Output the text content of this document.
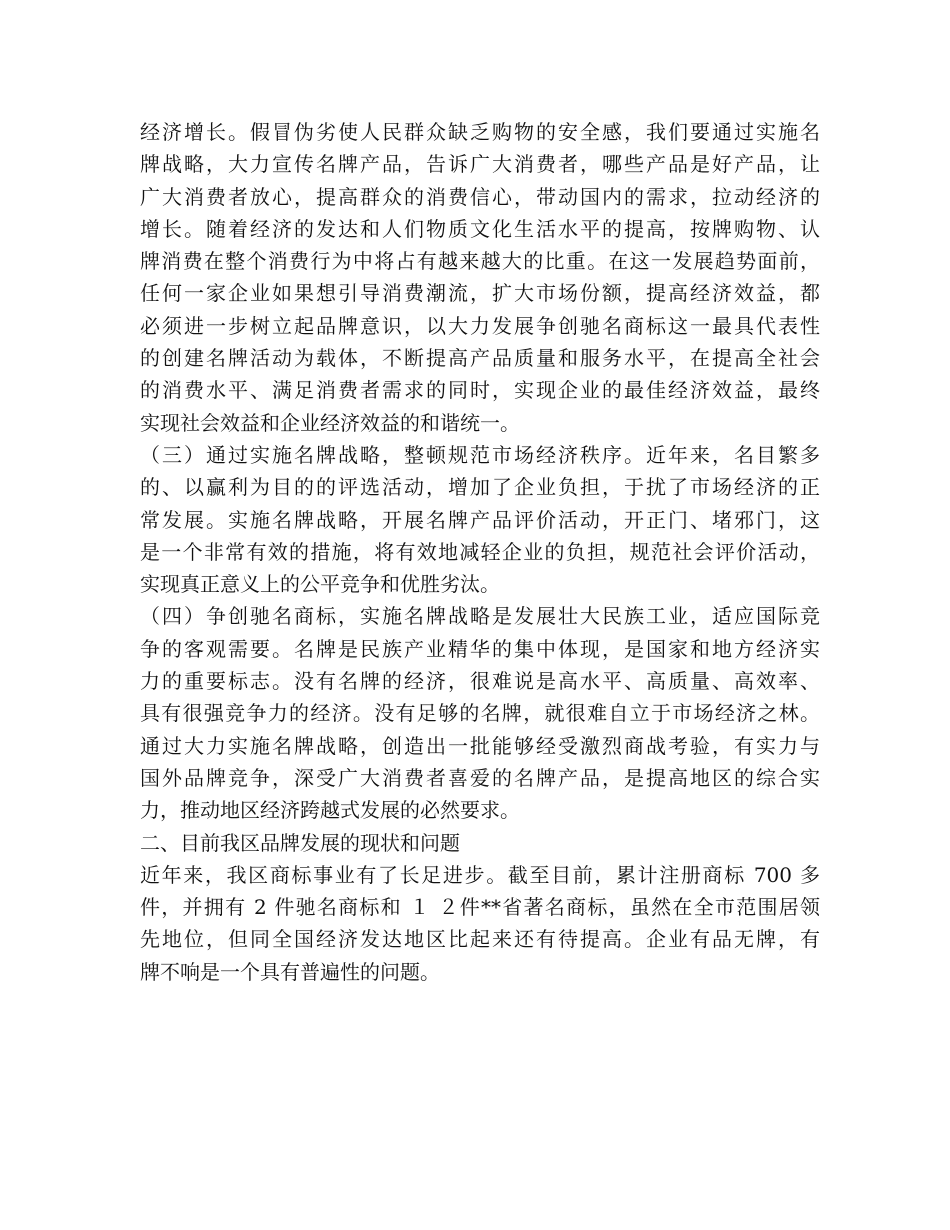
经济增长。假冒伪劣使人民群众缺乏购物的安全感，我们要通过实施名
牌战略，大力宣传名牌产品，告诉广大消费者，哪些产品是好产品，让
广大消费者放心，提高群众的消费信心，带动国内的需求，拉动经济的
增长。随着经济的发达和人们物质文化生活水平的提高，按牌购物、认
牌消费在整个消费行为中将占有越来越大的比重。在这一发展趋势面前，
任何一家企业如果想引导消费潮流，扩大市场份额，提高经济效益，都
必须进一步树立起品牌意识，以大力发展争创驰名商标这一最具代表性
的创建名牌活动为载体，不断提高产品质量和服务水平，在提高全社会
的消费水平、满足消费者需求的同时，实现企业的最佳经济效益，最终
实现社会效益和企业经济效益的和谐统一。
（三）通过实施名牌战略，整顿规范市场经济秩序。近年来，名目繁多
的、以赢利为目的的评选活动，增加了企业负担，于扰了市场经济的正
常发展。实施名牌战略，开展名牌产品评价活动，开正门、堵邪门，这
是一个非常有效的措施，将有效地减轻企业的负担，规范社会评价活动，
实现真正意义上的公平竞争和优胜劣汰。
（四）争创驰名商标，实施名牌战略是发展壮大民族工业，适应国际竞
争的客观需要。名牌是民族产业精华的集中体现，是国家和地方经济实
力的重要标志。没有名牌的经济，很难说是高水平、高质量、高效率、
具有很强竞争力的经济。没有足够的名牌，就很难自立于市场经济之林。
通过大力实施名牌战略，创造出一批能够经受激烈商战考验，有实力与
国外品牌竞争，深受广大消费者喜爱的名牌产品，是提高地区的综合实
力，推动地区经济跨越式发展的必然要求。
二、目前我区品牌发展的现状和问题
近年来，我区商标事业有了长足进步。截至目前，累计注册商标 700 多
件，并拥有 2 件驰名商标和 １ ２件**省著名商标，虽然在全市范围居领
先地位，但同全国经济发达地区比起来还有待提高。企业有品无牌，有
牌不响是一个具有普遍性的问题。
